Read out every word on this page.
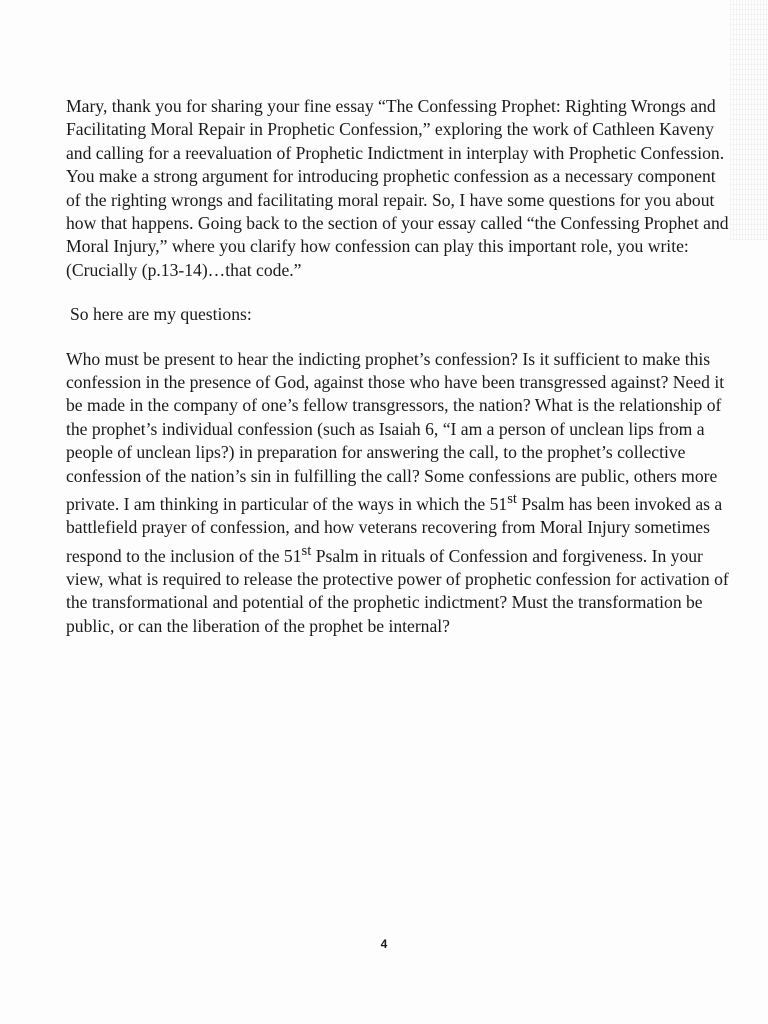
Mary, thank you for sharing your fine essay “The Confessing Prophet: Righting Wrongs and Facilitating Moral Repair in Prophetic Confession,” exploring the work of Cathleen Kaveny and calling for a reevaluation of Prophetic Indictment in interplay with Prophetic Confession. You make a strong argument for introducing prophetic confession as a necessary component of the righting wrongs and facilitating moral repair. So, I have some questions for you about how that happens. Going back to the section of your essay called “the Confessing Prophet and Moral Injury,” where you clarify how confession can play this important role, you write: (Crucially (p.13-14)…that code.”

So here are my questions:

Who must be present to hear the indicting prophet’s confession? Is it sufficient to make this confession in the presence of God, against those who have been transgressed against? Need it be made in the company of one’s fellow transgressors, the nation? What is the relationship of the prophet’s individual confession (such as Isaiah 6, “I am a person of unclean lips from a people of unclean lips?) in preparation for answering the call, to the prophet’s collective confession of the nation’s sin in fulfilling the call? Some confessions are public, others more private. I am thinking in particular of the ways in which the 51st Psalm has been invoked as a battlefield prayer of confession, and how veterans recovering from Moral Injury sometimes respond to the inclusion of the 51st Psalm in rituals of Confession and forgiveness. In your view, what is required to release the protective power of prophetic confession for activation of the transformational and potential of the prophetic indictment? Must the transformation be public, or can the liberation of the prophet be internal?

4
